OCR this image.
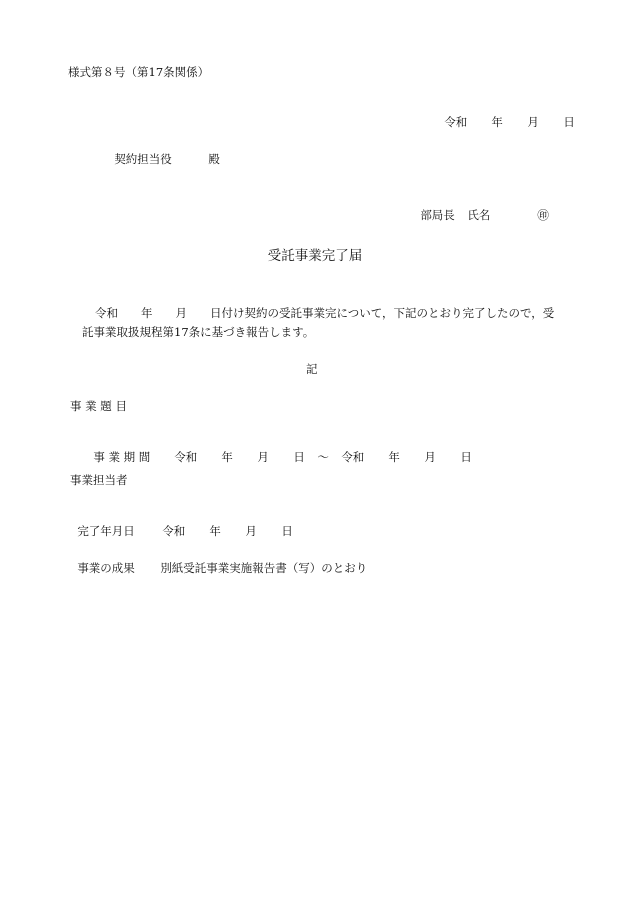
様式第８号（第17条関係）

令和 年 月 日

契約担当役	殿

部局長 氏名	㊞

受託事業完了届
令和　　年　　月　　日付け契約の受託事業完について，下記のとおり完了したので，受
託事業取扱規程第17条に基づき報告します。
記
事 業 題 目

事 業 期 間 令和 年 月 日 〜 令和 年 月 日

事業担当者

完了年月日 令和 年 月 日

事業の成果 別紙受託事業実施報告書（写）のとおり
